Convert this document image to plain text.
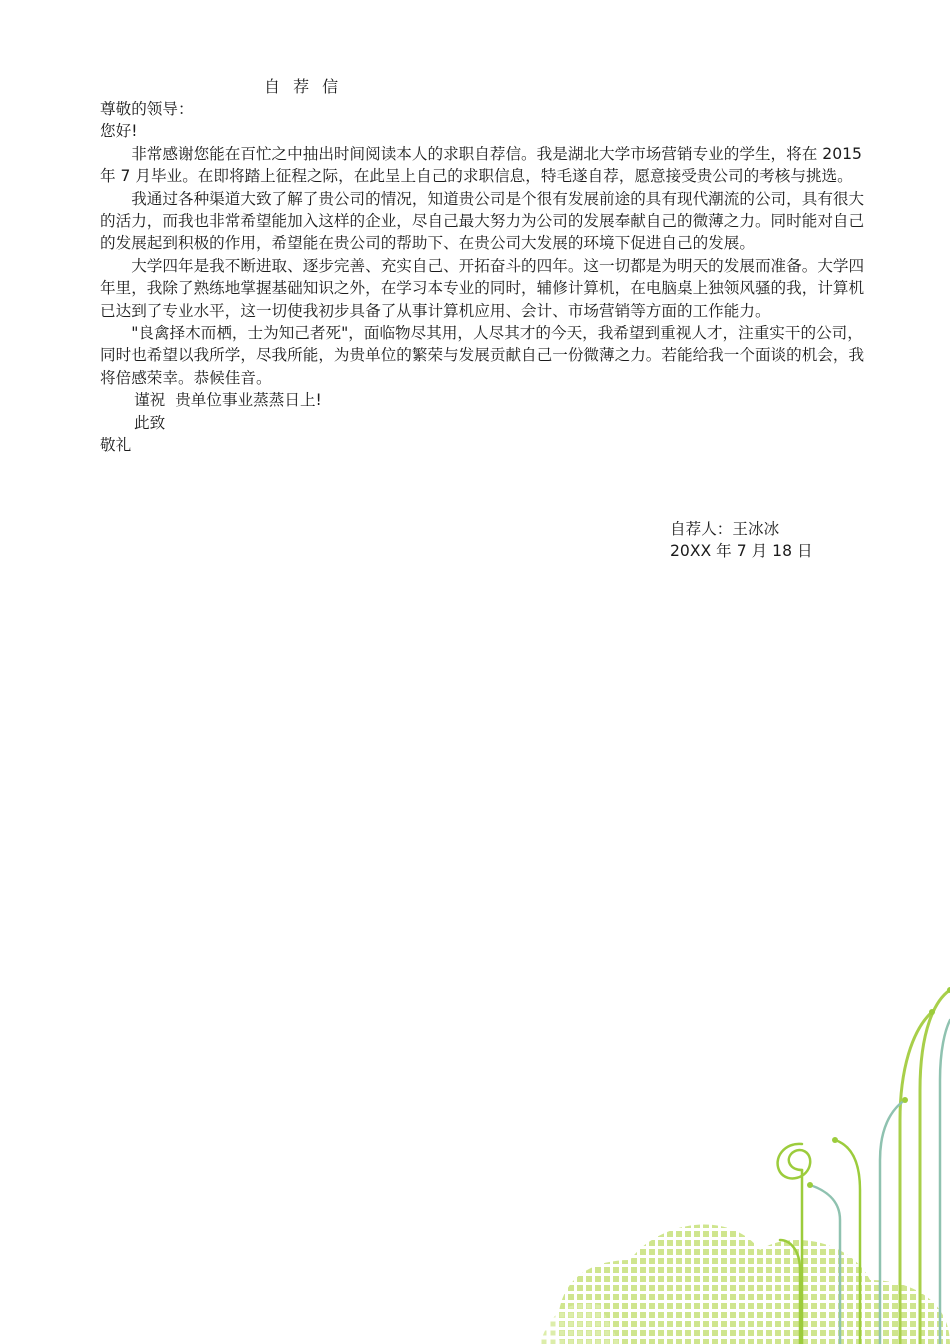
自 荐 信

尊敬的领导：

您好!

非常感谢您能在百忙之中抽出时间阅读本人的求职自荐信。我是湖北大学市场营销专业的学生，将在 2015 年 7 月毕业。在即将踏上征程之际，在此呈上自己的求职信息，特毛遂自荐，愿意接受贵公司的考核与挑选。

我通过各种渠道大致了解了贵公司的情况，知道贵公司是个很有发展前途的具有现代潮流的公司，具有很大的活力，而我也非常希望能加入这样的企业，尽自己最大努力为公司的发展奉献自己的微薄之力。同时能对自己的发展起到积极的作用，希望能在贵公司的帮助下、在贵公司大发展的环境下促进自己的发展。

大学四年是我不断进取、逐步完善、充实自己、开拓奋斗的四年。这一切都是为明天的发展而准备。大学四年里，我除了熟练地掌握基础知识之外，在学习本专业的同时，辅修计算机，在电脑桌上独领风骚的我，计算机已达到了专业水平，这一切使我初步具备了从事计算机应用、会计、市场营销等方面的工作能力。

"良禽择木而栖，士为知己者死"，面临物尽其用，人尽其才的今天，我希望到重视人才，注重实干的公司，同时也希望以我所学，尽我所能，为贵单位的繁荣与发展贡献自己一份微薄之力。若能给我一个面谈的机会，我将倍感荣幸。恭候佳音。

谨祝 贵单位事业蒸蒸日上!

此致

敬礼

自荐人：王冰冰
20XX 年 7 月 18 日
